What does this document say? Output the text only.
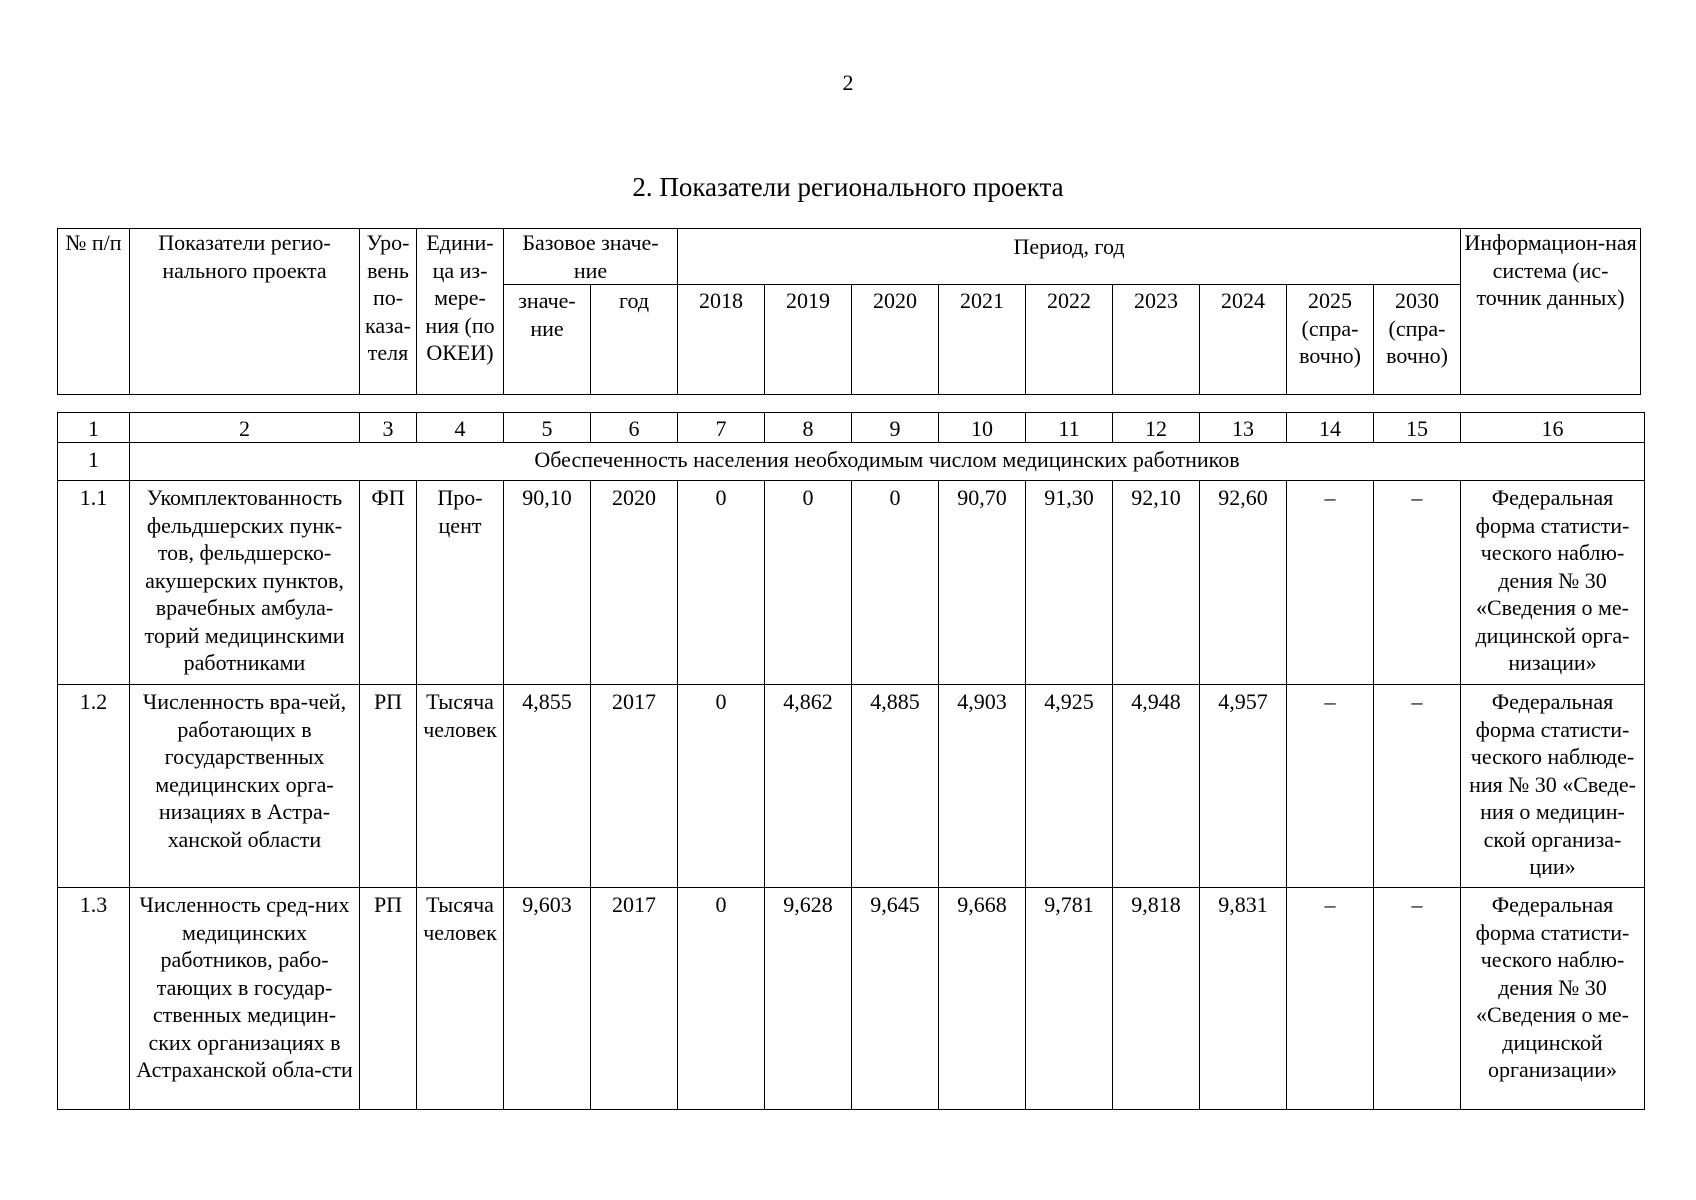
2
2. Показатели регионального проекта
№ п/п	Показатели регио-нального проекта	Уро-вень по-каза-теля	Едини-ца из-мере-ния (по ОКЕИ)	Базовое значе-ние		Период, год									Информацион-ная система (ис-точник данных)
				значе-ние	год	2018	2019	2020	2021	2022	2023	2024	2025 (спра-вочно)	2030 (спра-вочно)	
1	2	3	4	5	6	7	8	9	10	11	12	13	14	15	16
1	Обеспеченность населения необходимым числом медицинских работников														
1.1	Укомплектованность фельдшерских пунк-тов, фельдшерско-акушерских пунктов, врачебных амбула-торий медицинскими работниками	ФП	Про-цент	90,10	2020	0	0	0	90,70	91,30	92,10	92,60	–	–	Федеральная форма статисти-ческого наблю-дения № 30 «Сведения о ме-дицинской орга-низации»
1.2	Численность вра-чей, работающих в государственных медицинских орга-низациях в Астра-ханской области	РП	Тысяча человек	4,855	2017	0	4,862	4,885	4,903	4,925	4,948	4,957	–	–	Федеральная форма статисти-ческого наблюде-ния № 30 «Сведе-ния о медицин-ской организа-ции»
1.3	Численность сред-них медицинских работников, рабо-тающих в государ-ственных медицин-ских организациях в Астраханской обла-сти	РП	Тысяча человек	9,603	2017	0	9,628	9,645	9,668	9,781	9,818	9,831	–	–	Федеральная форма статисти-ческого наблю-дения № 30 «Сведения о ме-дицинской организации»
